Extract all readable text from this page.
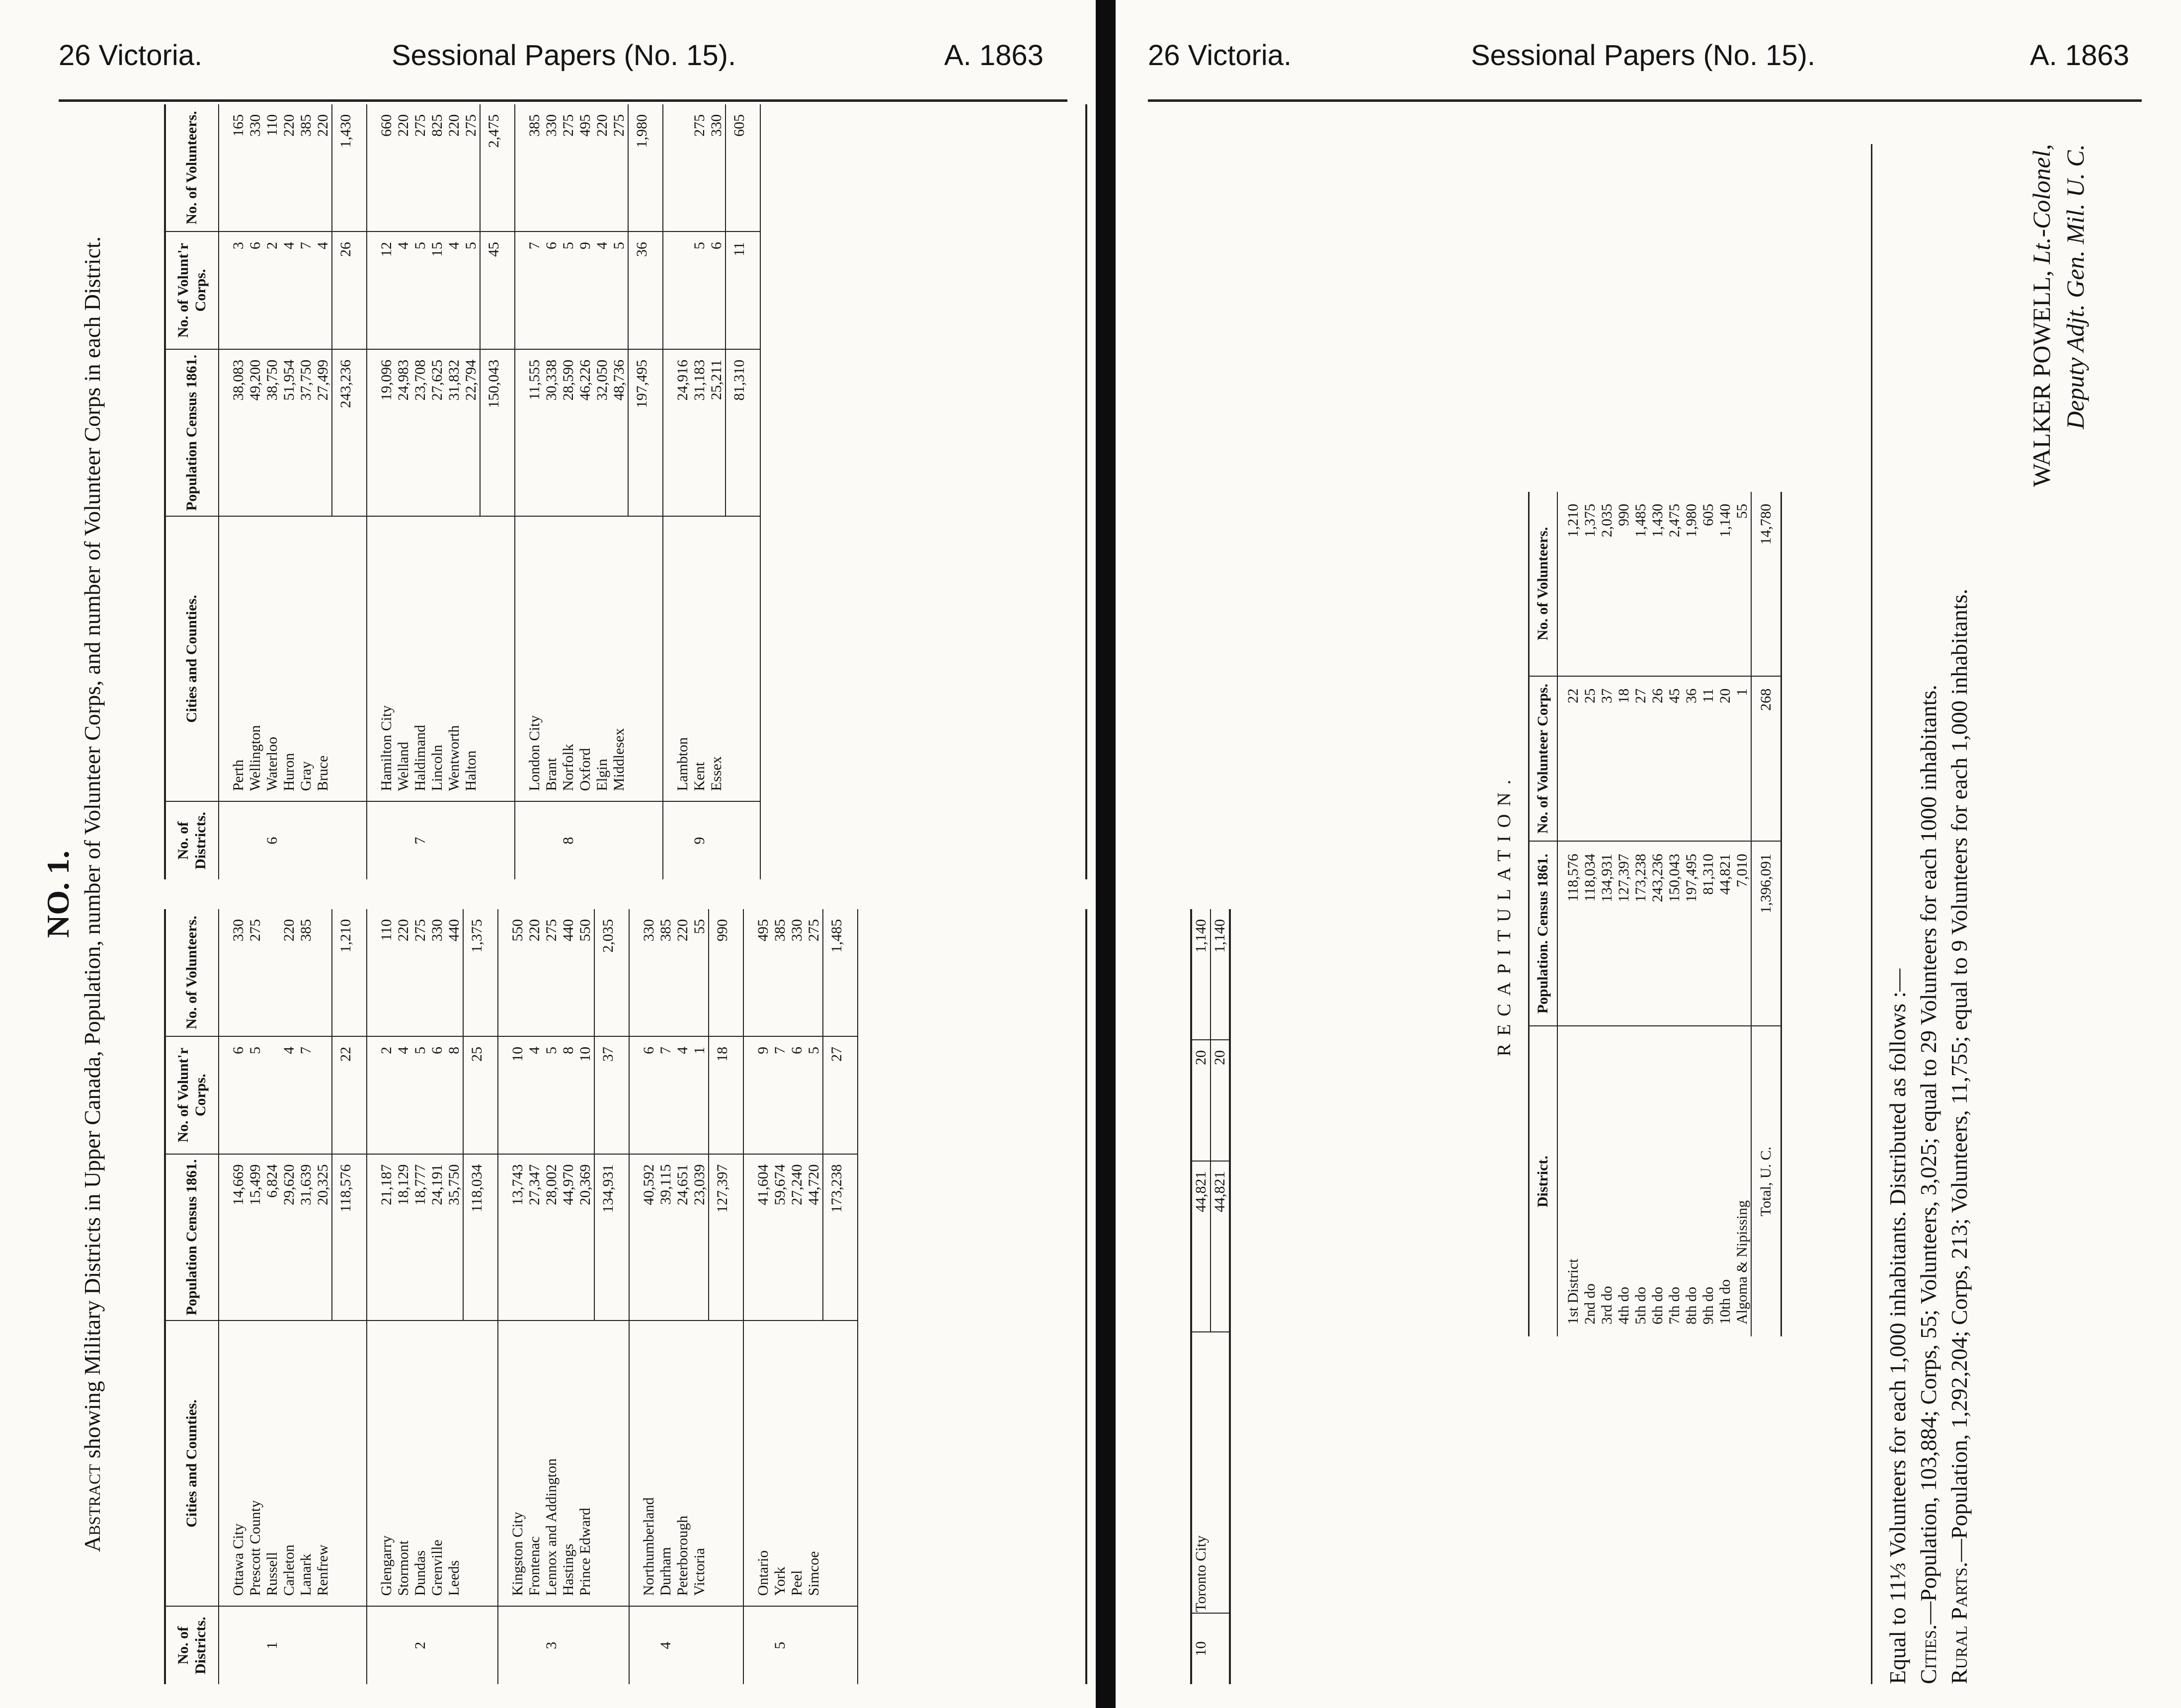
26 Victoria.	Sessional Papers (No. 15).	A. 1863
NO. 1.
Abstract showing Military Districts in Upper Canada, Population, number of Volunteer Corps, and number of Volunteer Corps in each District.
No. of Districts.	Cities and Counties.	Population Census 1861.	No. of Volunt'r Corps.	No. of Volunteers.
	Ottawa City	14,669	6	330
	Prescott County	15,499	5	275
1	Russell	6,824		
	Carleton	29,620	4	220
	Lanark	31,639	7	385
	Renfrew	20,325		
		118,576	22	1,210
	Glengarry	21,187	2	110
	Stormont	18,129	4	220
2	Dundas	18,777	5	275
	Grenville	24,191	6	330
	Leeds	35,750	8	440
		118,034	25	1,375
	Kingston City	13,743	10	550
	Frontenac	27,347	4	220
3	Lennox and Addington	28,002	5	275
	Hastings	44,970	8	440
	Prince Edward	20,369	10	550
		134,931	37	2,035
	Northumberland	40,592	6	330
4	Durham	39,115	7	385
	Peterborough	24,651	4	220
	Victoria	23,039	1	55
		127,397	18	990
	Ontario	41,604	9	495
5	York	59,674	7	385
	Peel	27,240	6	330
	Simcoe	44,720	5	275
		173,238	27	1,485
No. of Districts.	Cities and Counties.	Population Census 1861.	No. of Volunt'r Corps.	No. of Volunteers.
	Perth	38,083	3	165
	Wellington	49,200	6	330
6	Waterloo	38,750	2	110
	Huron	51,954	4	220
	Gray	37,750	7	385
	Bruce	27,499	4	220
		243,236	26	1,430
	Hamilton City	19,096	12	660
	Welland	24,983	4	220
7	Haldimand	23,708	5	275
	Lincoln	27,625	15	825
	Wentworth	31,832	4	220
	Halton	22,794	5	275
		150,043	45	2,475
	London City	11,555	7	385
	Brant	30,338	6	330
8	Norfolk	28,590	5	275
	Oxford	46,226	9	495
	Elgin	32,050	4	220
	Middlesex	48,736	5	275
		197,495	36	1,980
	Lambton	24,916		
9	Kent	31,183	5	275
	Essex	25,211	6	330
		81,310	11	605
26 Victoria.	Sessional Papers (No. 15).	A. 1863
10	Toronto City	44,821	20	1,140
		44,821	20	1,140	RECAPITULATION.
District.	Population. Census 1861.	No. of Volunteer Corps.	No. of Volunteers.
1st District	118,576	22	1,210
2nd do	118,034	25	1,375
3rd do	134,931	37	2,035
4th do	127,397	18	990
5th do	173,238	27	1,485
6th do	243,236	26	1,430
7th do	150,043	45	2,475
8th do	197,495	36	1,980
9th do	81,310	11	605
10th do	44,821	20	1,140
Algoma & Nipissing	7,010	1	55
Total, U. C.	1,396,091	268	14,780
Equal to 11⅓ Volunteers for each 1,000 inhabitants. Distributed as follows :— Cities.—Population, 103,884; Corps, 55; Volunteers, 3,025; equal to 29 Volunteers for each 1000 inhabitants. Rural Parts.—Population, 1,292,204; Corps, 213; Volunteers, 11,755; equal to 9 Volunteers for each 1,000 inhabitants.
WALKER POWELL, Lt.-Colonel, Deputy Adjt. Gen. Mil. U. C.
